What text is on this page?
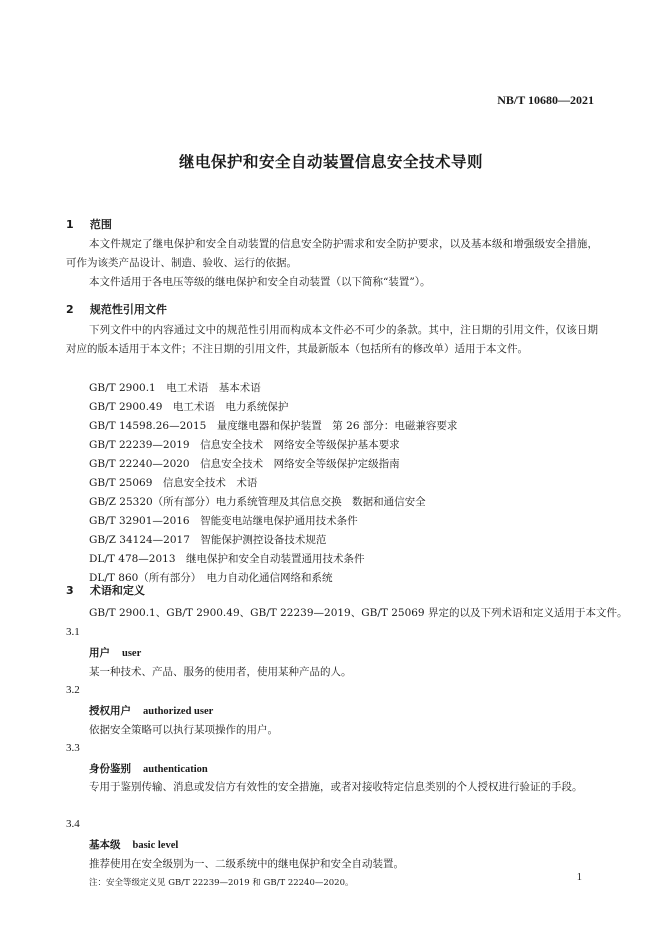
NB/T 10680—2021
继电保护和安全自动装置信息安全技术导则
1 范围
本文件规定了继电保护和安全自动装置的信息安全防护需求和安全防护要求，以及基本级和增强级安全措施，可作为该类产品设计、制造、验收、运行的依据。
本文件适用于各电压等级的继电保护和安全自动装置（以下简称“装置”）。
2 规范性引用文件
下列文件中的内容通过文中的规范性引用而构成本文件必不可少的条款。其中，注日期的引用文件，仅该日期对应的版本适用于本文件；不注日期的引用文件，其最新版本（包括所有的修改单）适用于本文件。
GB/T 2900.1　电工术语　基本术语
GB/T 2900.49　电工术语　电力系统保护
GB/T 14598.26—2015　量度继电器和保护装置　第 26 部分：电磁兼容要求
GB/T 22239—2019　信息安全技术　网络安全等级保护基本要求
GB/T 22240—2020　信息安全技术　网络安全等级保护定级指南
GB/T 25069　信息安全技术　术语
GB/Z 25320（所有部分）电力系统管理及其信息交换　数据和通信安全
GB/T 32901—2016　智能变电站继电保护通用技术条件
GB/Z 34124—2017　智能保护测控设备技术规范
DL/T 478—2013　继电保护和安全自动装置通用技术条件
DL/T 860（所有部分）　电力自动化通信网络和系统
3 术语和定义
GB/T 2900.1、GB/T 2900.49、GB/T 22239—2019、GB/T 25069 界定的以及下列术语和定义适用于本文件。
3.1
用户 user
某一种技术、产品、服务的使用者，使用某种产品的人。
3.2
授权用户 authorized user
依据安全策略可以执行某项操作的用户。
3.3
身份鉴别 authentication
专用于鉴别传输、消息或发信方有效性的安全措施，或者对接收特定信息类别的个人授权进行验证的手段。
3.4
基本级 basic level
推荐使用在安全级别为一、二级系统中的继电保护和安全自动装置。
注：安全等级定义见 GB/T 22239—2019 和 GB/T 22240—2020。	1
